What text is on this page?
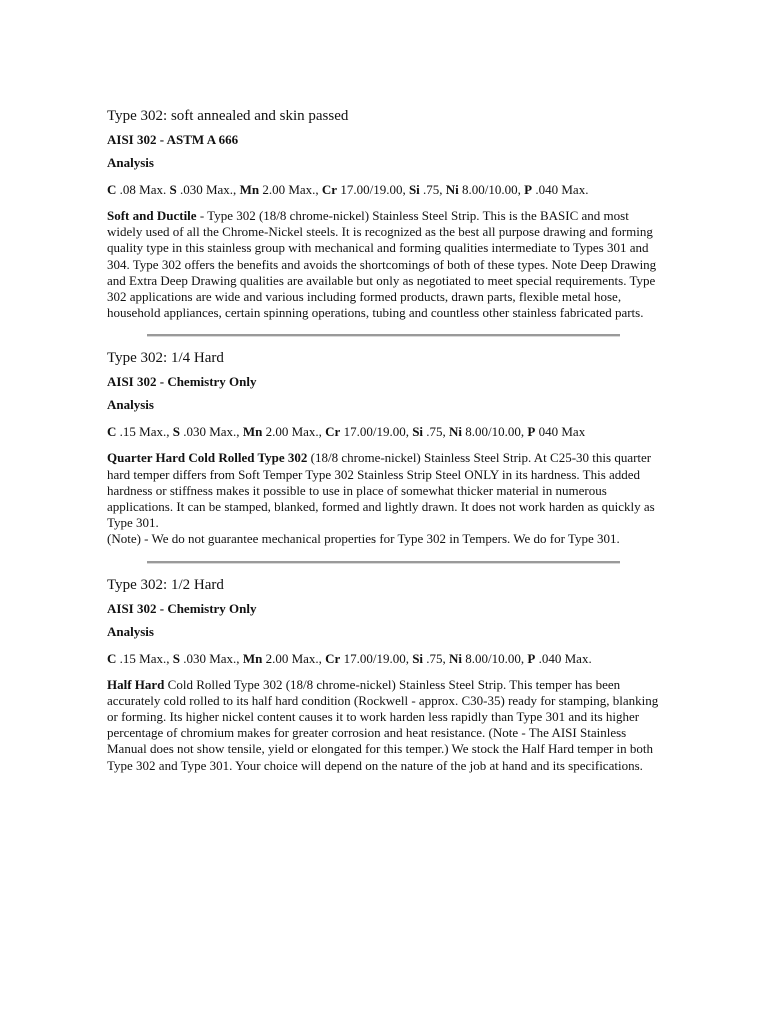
Type 302: soft annealed and skin passed
AISI 302 - ASTM A 666
Analysis

C .08 Max. S .030 Max., Mn 2.00 Max., Cr 17.00/19.00, Si .75, Ni 8.00/10.00, P .040 Max.

Soft and Ductile - Type 302 (18/8 chrome-nickel) Stainless Steel Strip. This is the BASIC and most widely used of all the Chrome-Nickel steels. It is recognized as the best all purpose drawing and forming quality type in this stainless group with mechanical and forming qualities intermediate to Types 301 and 304. Type 302 offers the benefits and avoids the shortcomings of both of these types. Note Deep Drawing and Extra Deep Drawing qualities are available but only as negotiated to meet special requirements. Type 302 applications are wide and various including formed products, drawn parts, flexible metal hose, household appliances, certain spinning operations, tubing and countless other stainless fabricated parts.

Type 302: 1/4 Hard
AISI 302 - Chemistry Only
Analysis

C .15 Max., S .030 Max., Mn 2.00 Max., Cr 17.00/19.00, Si .75, Ni 8.00/10.00, P 040 Max

Quarter Hard Cold Rolled Type 302 (18/8 chrome-nickel) Stainless Steel Strip. At C25-30 this quarter hard temper differs from Soft Temper Type 302 Stainless Strip Steel ONLY in its hardness. This added hardness or stiffness makes it possible to use in place of somewhat thicker material in numerous applications. It can be stamped, blanked, formed and lightly drawn. It does not work harden as quickly as Type 301.
(Note) - We do not guarantee mechanical properties for Type 302 in Tempers. We do for Type 301.

Type 302: 1/2 Hard
AISI 302 - Chemistry Only
Analysis

C .15 Max., S .030 Max., Mn 2.00 Max., Cr 17.00/19.00, Si .75, Ni 8.00/10.00, P .040 Max.

Half Hard Cold Rolled Type 302 (18/8 chrome-nickel) Stainless Steel Strip. This temper has been accurately cold rolled to its half hard condition (Rockwell - approx. C30-35) ready for stamping, blanking or forming. Its higher nickel content causes it to work harden less rapidly than Type 301 and its higher percentage of chromium makes for greater corrosion and heat resistance. (Note - The AISI Stainless Manual does not show tensile, yield or elongated for this temper.) We stock the Half Hard temper in both Type 302 and Type 301. Your choice will depend on the nature of the job at hand and its specifications.
